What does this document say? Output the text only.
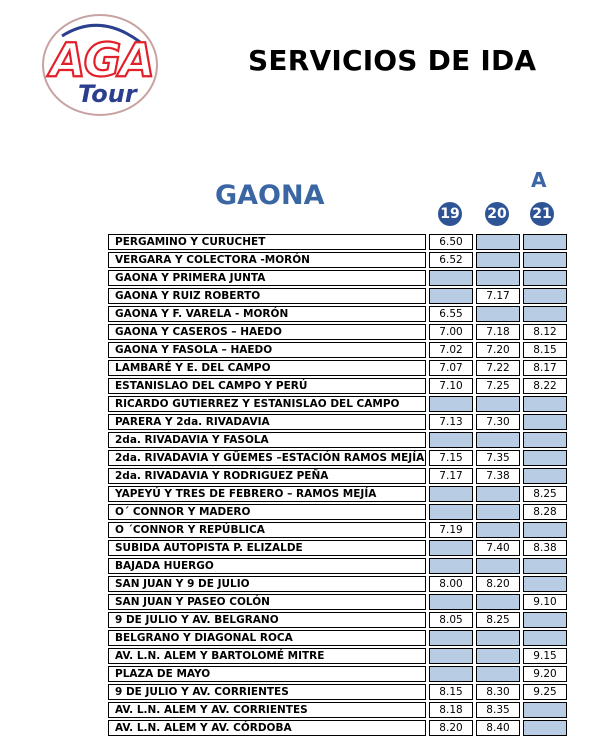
AGA
Tour
SERVICIOS DE IDA
GAONA	A
19 20 21
PERGAMINO Y CURUCHET		6.50				
VERGARA Y COLECTORA -MORÓN		6.52				
GAONA Y PRIMERA JUNTA						
GAONA Y RUIZ ROBERTO				7.17		
GAONA Y F. VARELA - MORÓN		6.55				
GAONA Y CASEROS – HAEDO		7.00		7.18		8.12
GAONA Y FASOLA – HAEDO		7.02		7.20		8.15
LAMBARÉ Y E. DEL CAMPO		7.07		7.22		8.17
ESTANISLAO DEL CAMPO Y PERÚ		7.10		7.25		8.22
RICARDO GUTIERREZ Y ESTANISLAO DEL CAMPO						
PARERA Y 2da. RIVADAVIA		7.13		7.30		
2da. RIVADAVIA Y FASOLA						
2da. RIVADAVIA Y GÜEMES –ESTACIÓN RAMOS MEJÍA		7.15		7.35		
2da. RIVADAVIA Y RODRIGUEZ PEÑA		7.17		7.38		
YAPEYÚ Y TRES DE FEBRERO – RAMOS MEJÍA						8.25
O´ CONNOR Y MADERO						8.28
O ´CONNOR Y REPÚBLICA		7.19				
SUBIDA AUTOPISTA P. ELIZALDE				7.40		8.38
BAJADA HUERGO						
SAN JUAN Y 9 DE JULIO		8.00		8.20		
SAN JUAN Y PASEO COLÓN						9.10
9 DE JULIO Y AV. BELGRANO		8.05		8.25		
BELGRANO Y DIAGONAL ROCA						
AV. L.N. ALEM Y BARTOLOMÉ MITRE						9.15
PLAZA DE MAYO						9.20
9 DE JULIO Y AV. CORRIENTES		8.15		8.30		9.25
AV. L.N. ALEM Y AV. CORRIENTES		8.18		8.35		
AV. L.N. ALEM Y AV. CÓRDOBA		8.20		8.40		
